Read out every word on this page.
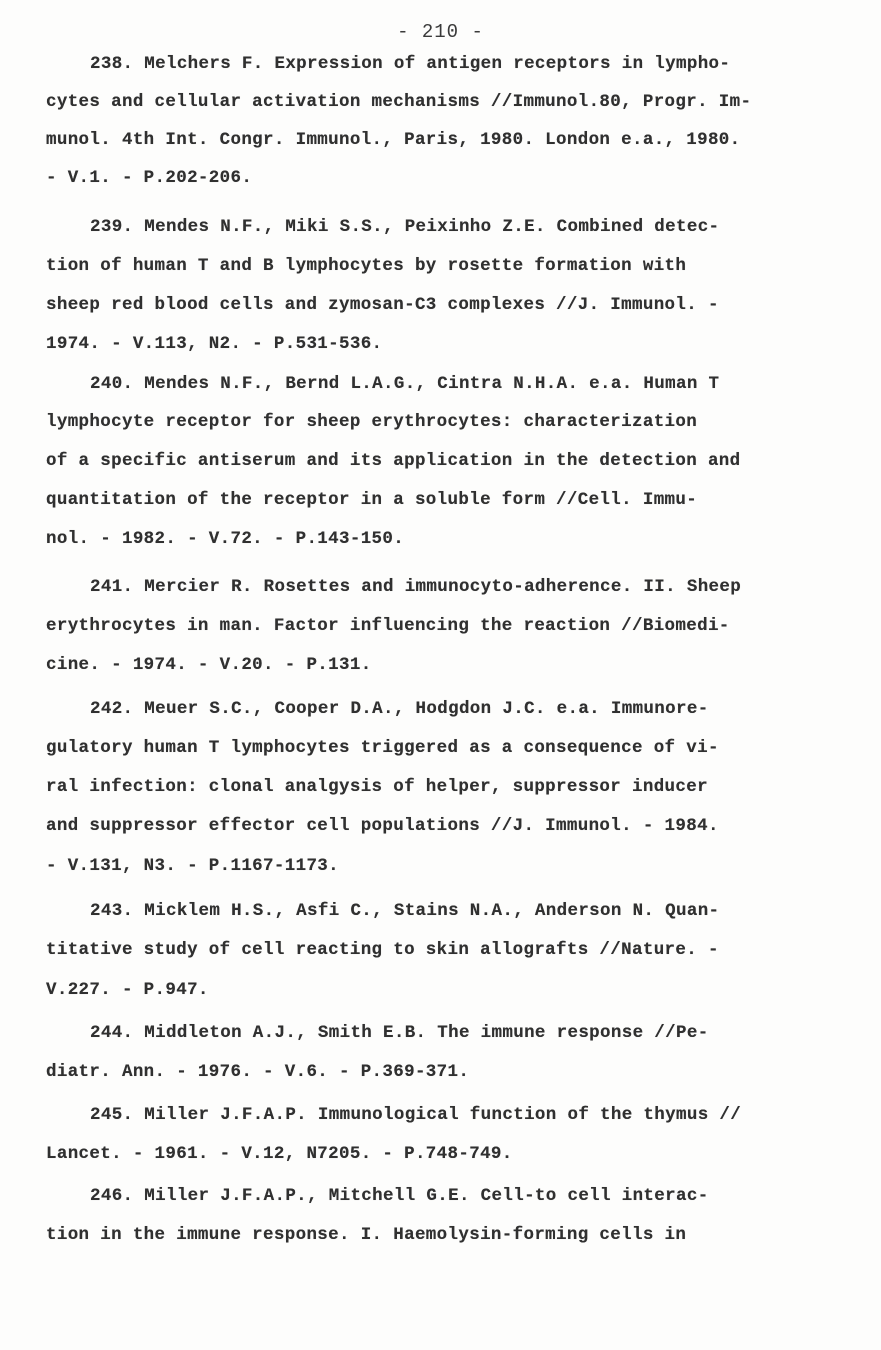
- 210 -
238. Melchers F. Expression of antigen receptors in lympho-
cytes and cellular activation mechanisms //Immunol.80, Progr. Im-
munol. 4th Int. Congr. Immunol., Paris, 1980. London e.a., 1980.
- V.1. - P.202-206.
239. Mendes N.F., Miki S.S., Peixinho Z.E. Combined detec-
tion of human T and B lymphocytes by rosette formation with
sheep red blood cells and zymosan-C3 complexes //J. Immunol. -
1974. - V.113, N2. - P.531-536.
240. Mendes N.F., Bernd L.A.G., Cintra N.H.A. e.a. Human T
lymphocyte receptor for sheep erythrocytes: characterization
of a specific antiserum and its application in the detection and
quantitation of the receptor in a soluble form //Cell. Immu-
nol. - 1982. - V.72. - P.143-150.
241. Mercier R. Rosettes and immunocyto-adherence. II. Sheep
erythrocytes in man. Factor influencing the reaction //Biomedi-
cine. - 1974. - V.20. - P.131.
242. Meuer S.C., Cooper D.A., Hodgdon J.C. e.a. Immunore-
gulatory human T lymphocytes triggered as a consequence of vi-
ral infection: clonal analgysis of helper, suppressor inducer
and suppressor effector cell populations //J. Immunol. - 1984.
- V.131, N3. - P.1167-1173.
243. Micklem H.S., Asfi C., Stains N.A., Anderson N. Quan-
titative study of cell reacting to skin allografts //Nature. -
V.227. - P.947.
244. Middleton A.J., Smith E.B. The immune response //Pe-
diatr. Ann. - 1976. - V.6. - P.369-371.
245. Miller J.F.A.P. Immunological function of the thymus //
Lancet. - 1961. - V.12, N7205. - P.748-749.
246. Miller J.F.A.P., Mitchell G.E. Cell-to cell interac-
tion in the immune response. I. Haemolysin-forming cells in
